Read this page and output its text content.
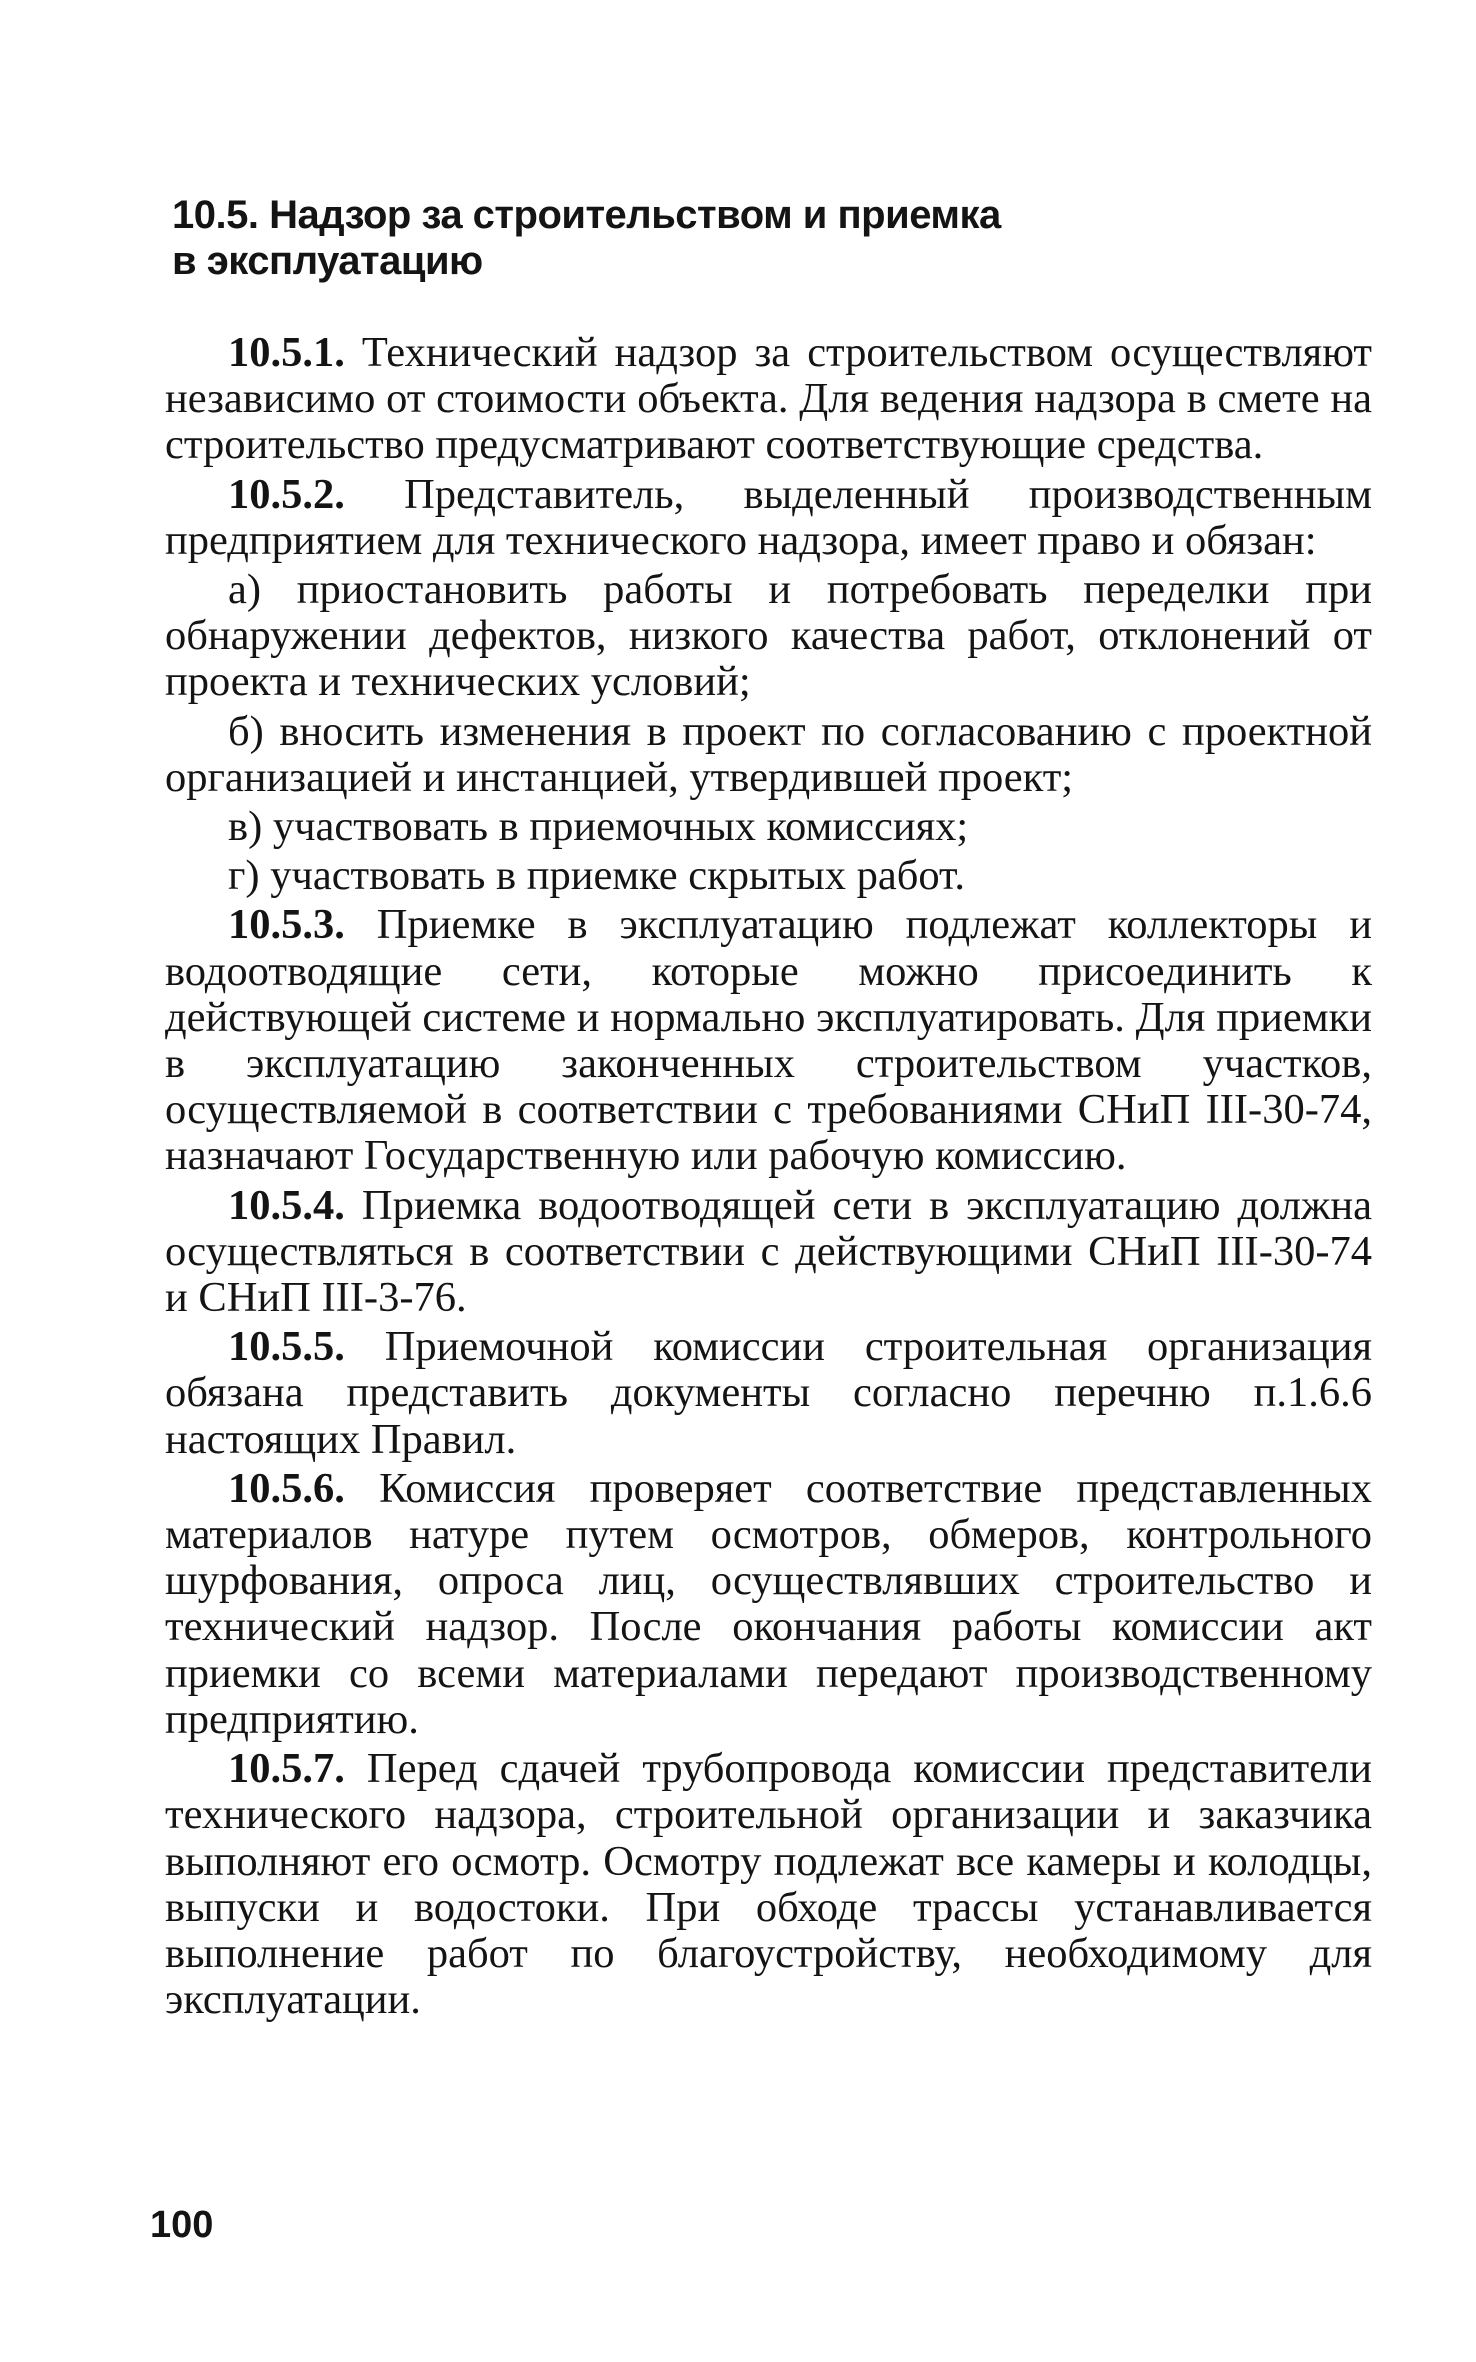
10.5. Надзор за строительством и приемка
в эксплуатацию

10.5.1. Технический надзор за строительством осуществляют независимо от стоимости объекта. Для ведения надзора в смете на строительство предусматривают соответствующие средства.

10.5.2. Представитель, выделенный производственным предприятием для технического надзора, имеет право и обязан:

а) приостановить работы и потребовать переделки при обнаружении дефектов, низкого качества работ, отклонений от проекта и технических условий;

б) вносить изменения в проект по согласованию с проектной организацией и инстанцией, утвердившей проект;

в) участвовать в приемочных комиссиях;

г) участвовать в приемке скрытых работ.

10.5.3. Приемке в эксплуатацию подлежат коллекторы и водоотводящие сети, которые можно присоединить к действующей системе и нормально эксплуатировать. Для приемки в эксплуатацию законченных строительством участков, осуществляемой в соответствии с требованиями СНиП III-30-74, назначают Государственную или рабочую комиссию.

10.5.4. Приемка водоотводящей сети в эксплуатацию должна осуществляться в соответствии с действующими СНиП III-30-74 и СНиП III-3-76.

10.5.5. Приемочной комиссии строительная организация обязана представить документы согласно перечню п.1.6.6 настоящих Правил.

10.5.6. Комиссия проверяет соответствие представленных материалов натуре путем осмотров, обмеров, контрольного шурфования, опроса лиц, осуществлявших строительство и технический надзор. После окончания работы комиссии акт приемки со всеми материалами передают производственному предприятию.

10.5.7. Перед сдачей трубопровода комиссии представители технического надзора, строительной организации и заказчика выполняют его осмотр. Осмотру подлежат все камеры и колодцы, выпуски и водостоки. При обходе трассы устанавливается выполнение работ по благоустройству, необходимому для эксплуатации.

100
